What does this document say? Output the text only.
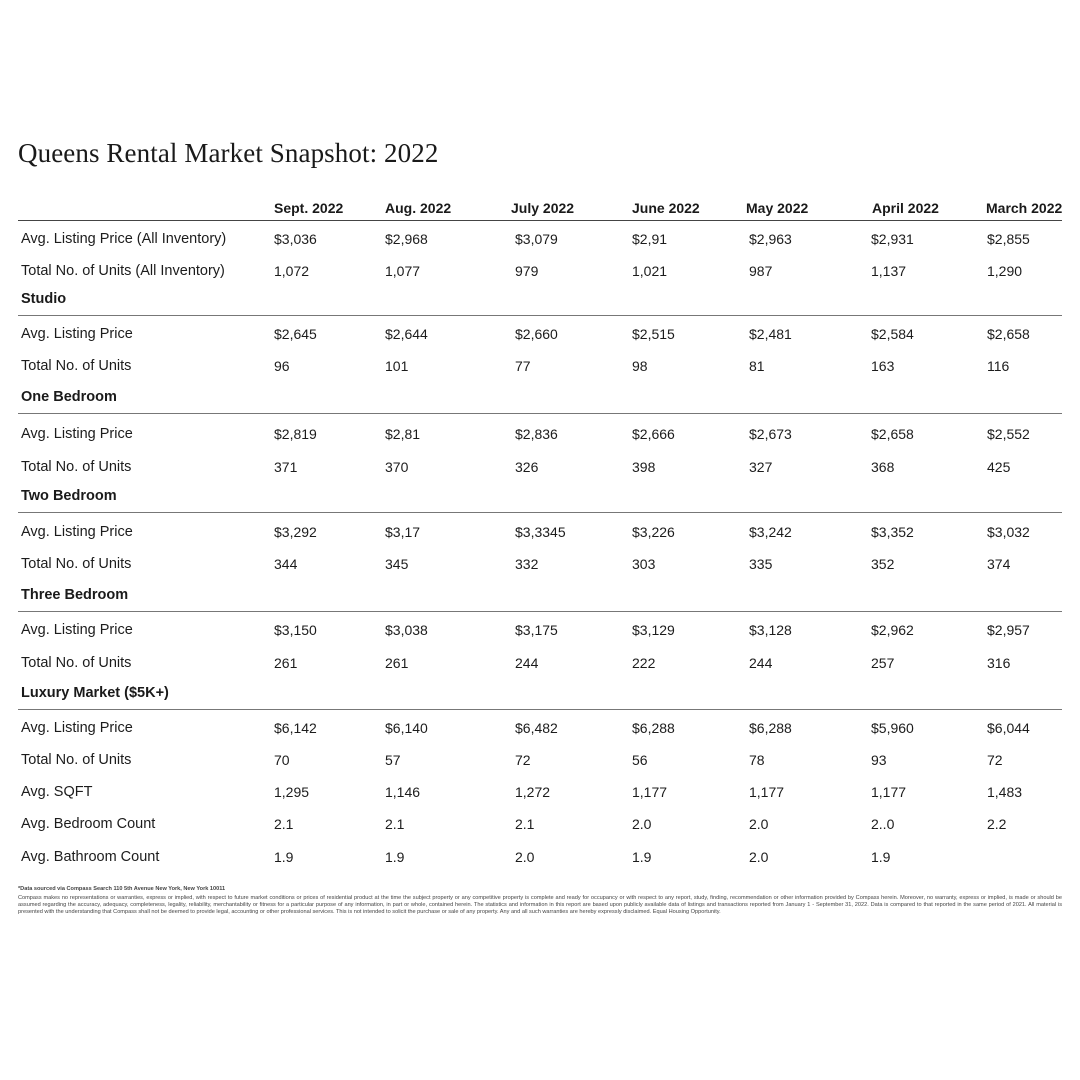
Queens Rental Market Snapshot: 2022
Sept. 2022	Aug. 2022	July 2022	June 2022	May 2022	April 2022	March 2022
Avg. Listing Price (All Inventory)	$3,036	$2,968	$3,079	$2,91	$2,963	$2,931	$2,855
Total No. of Units (All Inventory)	1,072	1,077	979	1,021	987	1,137	1,290
Studio
Avg. Listing Price	$2,645	$2,644	$2,660	$2,515	$2,481	$2,584	$2,658
Total No. of Units	96	101	77	98	81	163	116
One Bedroom
Avg. Listing Price	$2,819	$2,81	$2,836	$2,666	$2,673	$2,658	$2,552
Total No. of Units	371	370	326	398	327	368	425
Two Bedroom
Avg. Listing Price	$3,292	$3,17	$3,3345	$3,226	$3,242	$3,352	$3,032
Total No. of Units	344	345	332	303	335	352	374
Three Bedroom
Avg. Listing Price	$3,150	$3,038	$3,175	$3,129	$3,128	$2,962	$2,957
Total No. of Units	261	261	244	222	244	257	316
Luxury Market ($5K+)
Avg. Listing Price	$6,142	$6,140	$6,482	$6,288	$6,288	$5,960	$6,044
Total No. of Units	70	57	72	56	78	93	72
Avg. SQFT	1,295	1,146	1,272	1,177	1,177	1,177	1,483
Avg. Bedroom Count	2.1	2.1	2.1	2.0	2.0	2..0	2.2
Avg. Bathroom Count	1.9	1.9	2.0	1.9	2.0	1.9
*Data sourced via Compass Search 110 5th Avenue New York, New York 10011
Compass makes no representations or warranties, express or implied, with respect to future market conditions or prices of residential product at the time the subject property or any competitive property is complete and ready for occupancy or with respect to any report, study, finding, recommendation or other information provided by Compass herein. Moreover, no warranty, express or implied, is made or should be assumed regarding the accuracy, adequacy, completeness, legality, reliability, merchantability or fitness for a particular purpose of any information, in part or whole, contained herein. The statistics and information in this report are based upon publicly available data of listings and transactions reported from January 1 - September 31, 2022. Data is compared to that reported in the same period of 2021. All material is presented with the understanding that Compass shall not be deemed to provide legal, accounting or other professional services. This is not intended to solicit the purchase or sale of any property. Any and all such warranties are hereby expressly disclaimed. Equal Housing Opportunity.
